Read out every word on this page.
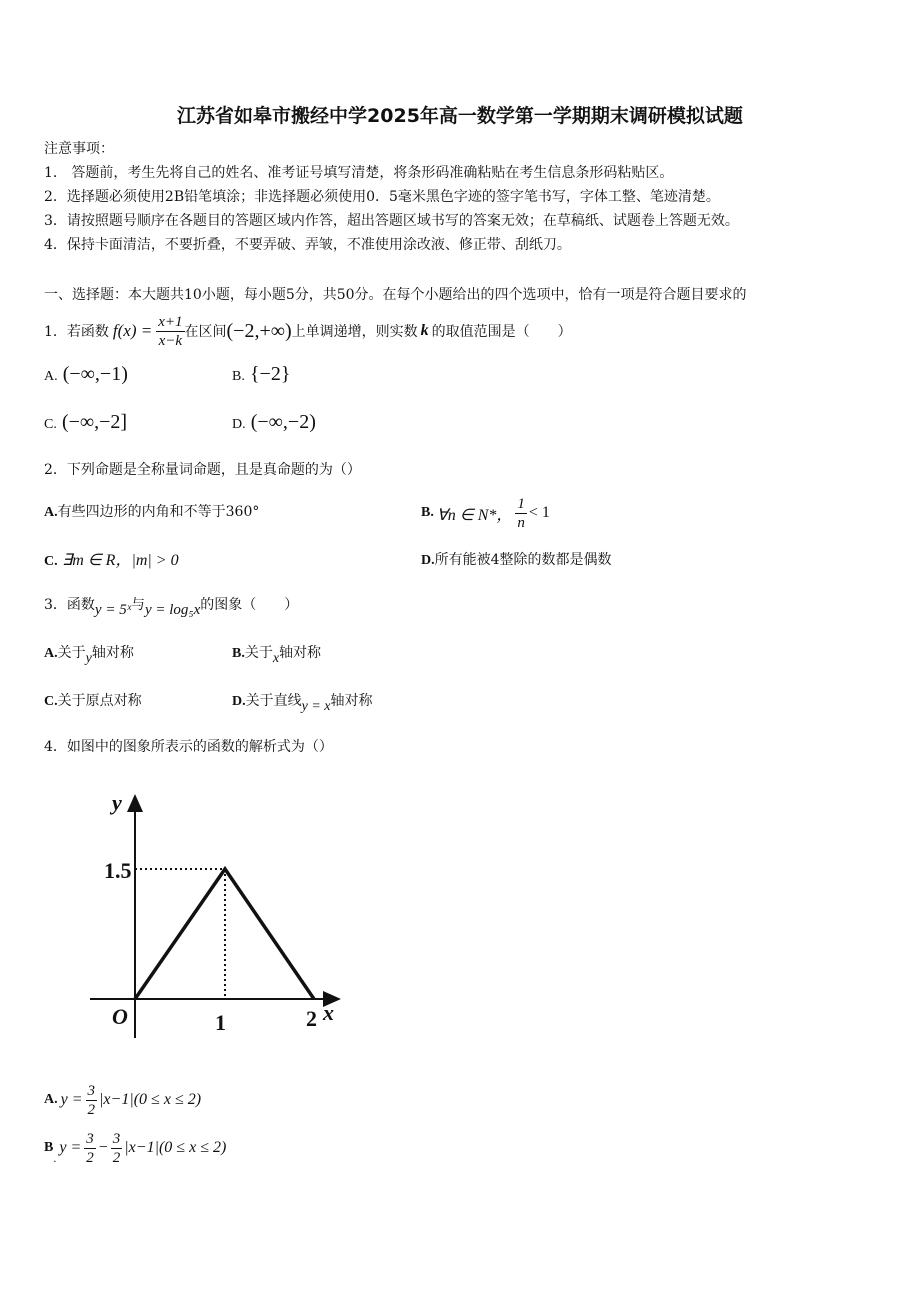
江苏省如皋市搬经中学2025年高一数学第一学期期末调研模拟试题
注意事项：
1． 答题前，考生先将自己的姓名、准考证号填写清楚，将条形码准确粘贴在考生信息条形码粘贴区。
2．选择题必须使用2B铅笔填涂；非选择题必须使用0．5毫米黑色字迹的签字笔书写，字体工整、笔迹清楚。
3．请按照题号顺序在各题目的答题区域内作答，超出答题区域书写的答案无效；在草稿纸、试题卷上答题无效。
4．保持卡面清洁，不要折叠，不要弄破、弄皱，不准使用涂改液、修正带、刮纸刀。
一、选择题：本大题共10小题，每小题5分，共50分。在每个小题给出的四个选项中，恰有一项是符合题目要求的
1．若函数 $f(x) = \frac{x+1}{x-k}$ 在区间 (−2,+∞) 上单调递增，则实数 k 的取值范围是（　　）
A. (−∞,−1)	B. {−2}
C. (−∞,−2]	D. (−∞,−2)
2．下列命题是全称量词命题，且是真命题的为（）
A.有些四边形的内角和不等于360°	B. ∀n ∈ N*， $\frac{1}{n} < 1$
C. ∃m ∈ R，|m| > 0	D.所有能被4整除的数都是偶数
3．函数y = 5ˣ与y = log₅x的图象（　　）
A.关于y轴对称	B.关于x轴对称
C.关于原点对称	D.关于直线y = x轴对称
4．如图中的图象所表示的函数的解析式为（）
y
1.5
O	1	2 x
A. $y = \frac{3}{2} |x-1|(0 \le x \le 2)$
B
.
$y = \frac{3}{2} - \frac{3}{2} |x-1|(0 \le x \le 2)$
